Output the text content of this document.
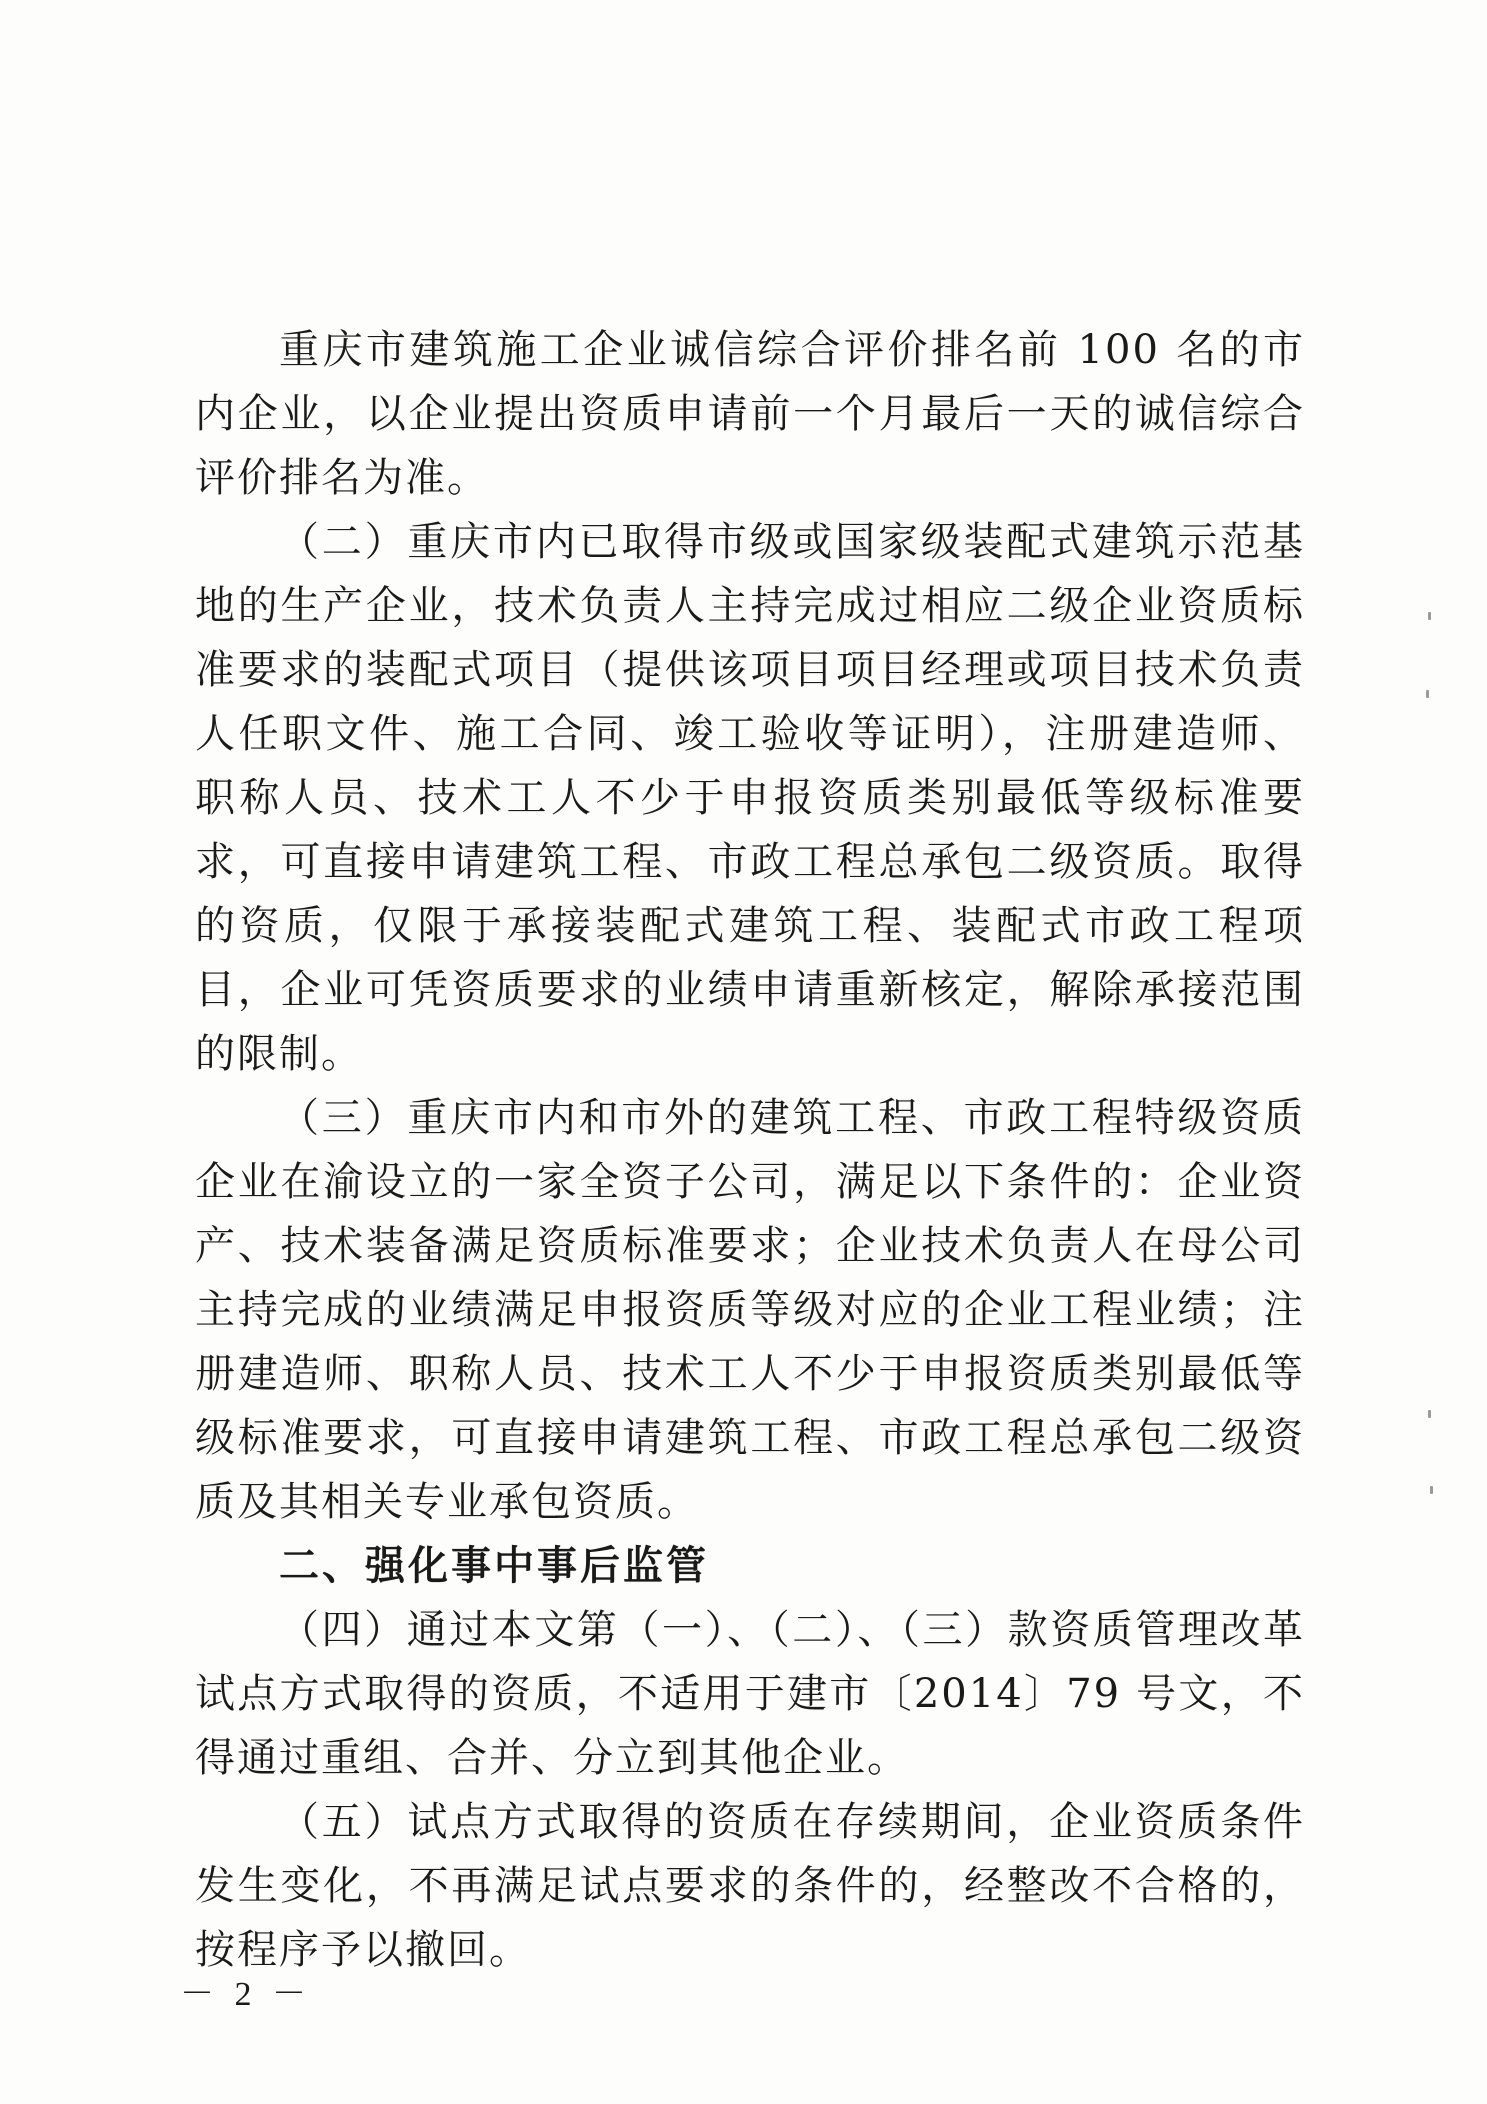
重庆市建筑施工企业诚信综合评价排名前 100 名的市内企业，以企业提出资质申请前一个月最后一天的诚信综合评价排名为准。

（二）重庆市内已取得市级或国家级装配式建筑示范基地的生产企业，技术负责人主持完成过相应二级企业资质标准要求的装配式项目（提供该项目项目经理或项目技术负责人任职文件、施工合同、竣工验收等证明），注册建造师、职称人员、技术工人不少于申报资质类别最低等级标准要求，可直接申请建筑工程、市政工程总承包二级资质。取得的资质，仅限于承接装配式建筑工程、装配式市政工程项目，企业可凭资质要求的业绩申请重新核定，解除承接范围的限制。

（三）重庆市内和市外的建筑工程、市政工程特级资质企业在渝设立的一家全资子公司，满足以下条件的：企业资产、技术装备满足资质标准要求；企业技术负责人在母公司主持完成的业绩满足申报资质等级对应的企业工程业绩；注册建造师、职称人员、技术工人不少于申报资质类别最低等级标准要求，可直接申请建筑工程、市政工程总承包二级资质及其相关专业承包资质。

二、强化事中事后监管

（四）通过本文第（一）、（二）、（三）款资质管理改革试点方式取得的资质，不适用于建市〔2014〕79 号文，不得通过重组、合并、分立到其他企业。

（五）试点方式取得的资质在存续期间，企业资质条件发生变化，不再满足试点要求的条件的，经整改不合格的，按程序予以撤回。

－ 2 －
